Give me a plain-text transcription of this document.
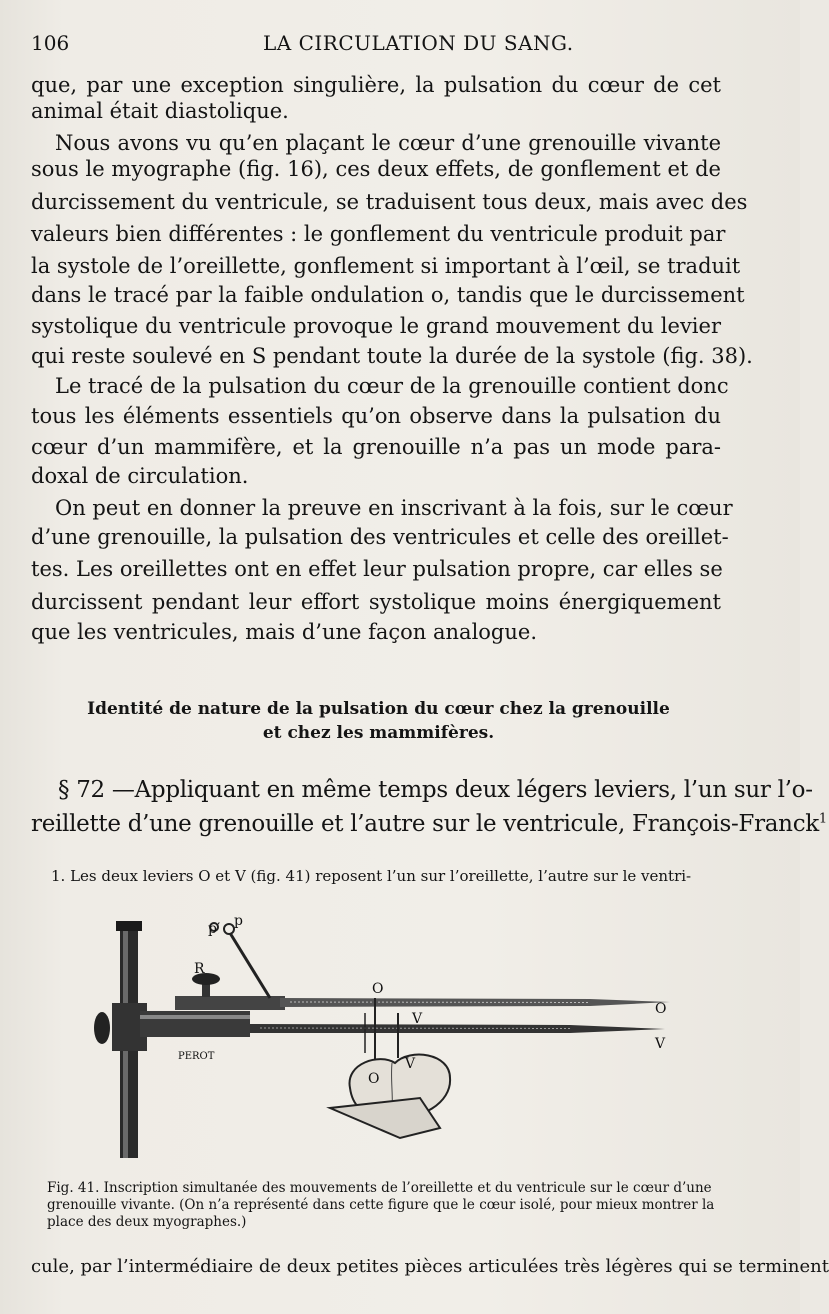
106	LA CIRCULATION DU SANG.
que, par une exception singulière, la pulsation du cœur de cet
animal était diastolique.
Nous avons vu qu’en plaçant le cœur d’une grenouille vivante
sous le myographe (fig. 16), ces deux effets, de gonflement et de
durcissement du ventricule, se traduisent tous deux, mais avec des
valeurs bien différentes : le gonflement du ventricule produit par
la systole de l’oreillette, gonflement si important à l’œil, se traduit
dans le tracé par la faible ondulation o, tandis que le durcissement
systolique du ventricule provoque le grand mouvement du levier
qui reste soulevé en S pendant toute la durée de la systole (fig. 38).
Le tracé de la pulsation du cœur de la grenouille contient donc
tous les éléments essentiels qu’on observe dans la pulsation du
cœur d’un mammifère, et la grenouille n’a pas un mode para-
doxal de circulation.
On peut en donner la preuve en inscrivant à la fois, sur le cœur
d’une grenouille, la pulsation des ventricules et celle des oreillet-
tes. Les oreillettes ont en effet leur pulsation propre, car elles se
durcissent pendant leur effort systolique moins énergiquement
que les ventricules, mais d’une façon analogue.
Identité de nature de la pulsation du cœur chez la grenouille
et chez les mammifères.
§ 72 —Appliquant en même temps deux légers leviers, l’un sur l’o-
reillette d’une grenouille et l’autre sur le ventricule, François-Franck$^1$
1. Les deux leviers O et V (fig. 41) reposent l’un sur l’oreillette, l’autre sur le ventri-
p′ p
R
O
O
V
V
O
V
PEROT
Fig. 41. Inscription simultanée des mouvements de l’oreillette et du ventricule sur le cœur d’une
grenouille vivante. (On n’a représenté dans cette figure que le cœur isolé, pour mieux montrer la
place des deux myographes.)
cule, par l’intermédiaire de deux petites pièces articulées très légères qui se terminent
